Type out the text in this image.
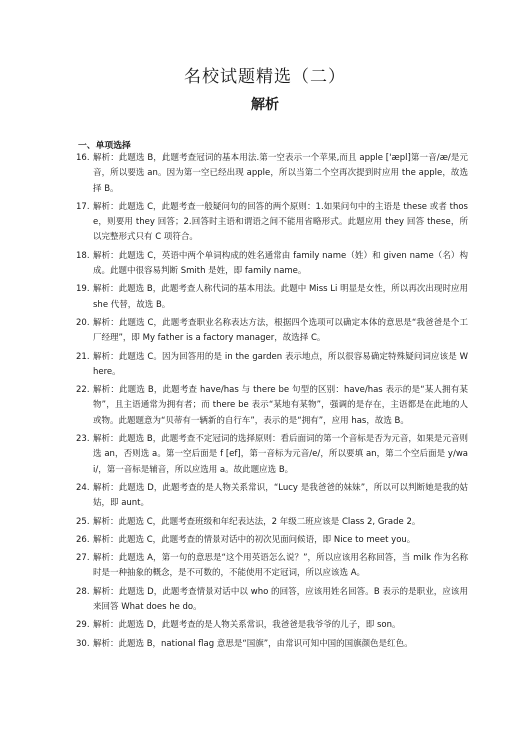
名校试题精选（二）
解析
一、单项选择
16. 解析：此题选 B，此题考查冠词的基本用法.第一空表示一个苹果,而且 apple ['æpl]第一音/æ/是元音，所以要选 an。因为第一空已经出现 apple，所以当第二个空再次提到时应用 the apple，故选择 B。
17. 解析：此题选 C，此题考查一般疑问句的回答的两个原则：1.如果问句中的主语是 these 或者 those，则要用 they 回答；2.回答时主语和谓语之间不能用省略形式。此题应用 they 回答 these，所以完整形式只有 C 项符合。
18. 解析：此题选 C，英语中两个单词构成的姓名通常由 family name（姓）和 given name（名）构成。此题中很容易判断 Smith 是姓，即 family name。
19. 解析：此题选 B，此题考查人称代词的基本用法。此题中 Miss Li 明显是女性，所以再次出现时应用 she 代替，故选 B。
20. 解析：此题选 C，此题考查职业名称表达方法，根据四个选项可以确定本体的意思是“我爸爸是个工厂经理”，即 My father is a factory manager，故选择 C。
21. 解析：此题选 C。因为回答用的是 in the garden 表示地点，所以很容易确定特殊疑问词应该是 Where。
22. 解析：此题选 B，此题考查 have/has 与 there be 句型的区别：have/has 表示的是“某人拥有某物”，且主语通常为拥有者；而 there be 表示“某地有某物”，强调的是存在，主语都是在此地的人或物。此题题意为“贝蒂有一辆新的自行车”，表示的是“拥有”，应用 has，故选 B。
23. 解析：此题选 B，此题考查不定冠词的选择原则：看后面词的第一个音标是否为元音，如果是元音则选 an，否则选 a。第一空后面是 f [ef]，第一音标为元音/e/，所以要填 an，第二个空后面是 y/wai/，第一音标是辅音，所以应选用 a。故此题应选 B。
24. 解析：此题选 D，此题考查的是人物关系常识，“Lucy 是我爸爸的妹妹”，所以可以判断她是我的姑姑，即 aunt。
25. 解析：此题选 C，此题考查班级和年纪表达法，2 年级二班应该是 Class 2, Grade 2。
26. 解析：此题选 C，此题考查的情景对话中的初次见面问候语，即 Nice to meet you。
27. 解析：此题选 A，第一句的意思是“这个用英语怎么说？”，所以应该用名称回答，当 milk 作为名称时是一种抽象的概念，是不可数的，不能使用不定冠词，所以应该选 A。
28. 解析：此题选 D，此题考查情景对话中以 who 的回答，应该用姓名回答。B 表示的是职业，应该用来回答 What does he do。
29. 解析：此题选 D，此题考查的是人物关系常识，我爸爸是我爷爷的儿子，即 son。
30. 解析：此题选 B，national flag 意思是“国旗”，由常识可知中国的国旗颜色是红色。
